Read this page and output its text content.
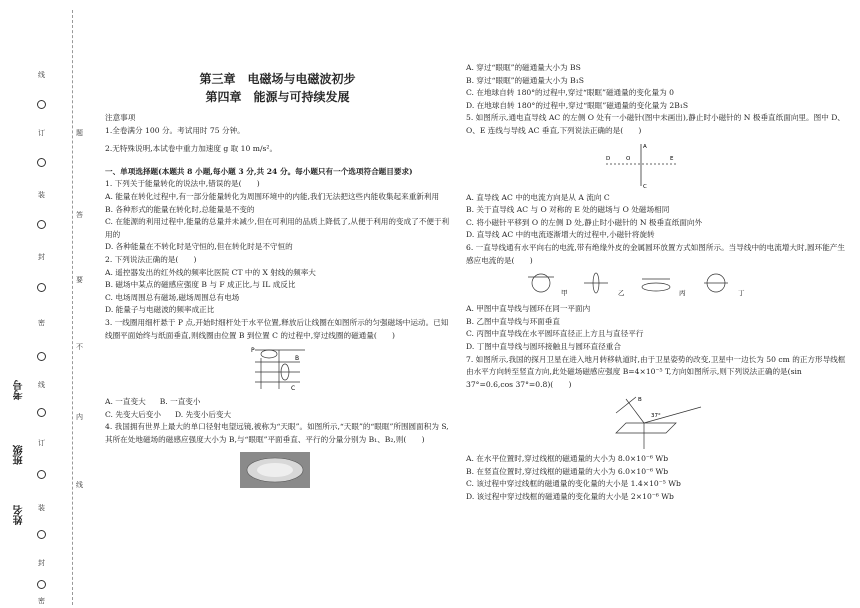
线
订
装
封
密
线
订
装
封
密
题
答
要
不
内
线
考号
班级
姓名
第三章　电磁场与电磁波初步
第四章　能源与可持续发展
注意事项
1.全卷满分 100 分。考试用时 75 分钟。
2.无特殊说明,本试卷中重力加速度 g 取 10 m/s²。
一、单项选择题(本题共 8 小题,每小题 3 分,共 24 分。每小题只有一个选项符合题目要求)
1. 下列关于能量转化的说法中,错误的是(　　)
A. 能量在转化过程中,有一部分能量转化为周围环境中的内能,我们无法把这些内能收集起来重新利用
B. 各种形式的能量在转化时,总能量是不变的
C. 在能源的利用过程中,能量的总量并未减少,但在可利用的品质上降低了,从便于利用的变成了不便于利用的
D. 各种能量在不转化时是守恒的,但在转化时是不守恒的
2. 下列说法正确的是(　　)
A. 遥控器发出的红外线的频率比医院 CT 中的 X 射线的频率大
B. 磁场中某点的磁感应强度 B 与 F 成正比,与 IL 成反比
C. 电场周围总有磁场,磁场周围总有电场
D. 能量子与电磁波的频率成正比
3. 一线圈用细杆悬于 P 点,开始时细杆处于水平位置,释放后让线圈在如图所示的匀强磁场中运动。已知线圈平面始终与纸面垂直,则线圈由位置 B 到位置 C 的过程中,穿过线圈的磁通量(　　)
P
B
C
A. 一直变大 B. 一直变小
C. 先变大后变小 D. 先变小后变大
4. 我国拥有世界上最大的单口径射电望远镜,被称为“天眼”。如图所示,“天眼”的“眼眶”所围圆面积为 S,其所在处地磁场的磁感应强度大小为 B,与“眼眶”平面垂直、平行的分量分别为 B₁、B₂,则(　　)
A. 穿过“眼眶”的磁通量大小为 BS
B. 穿过“眼眶”的磁通量大小为 B₁S
C. 在地球自转 180°的过程中,穿过“眼眶”磁通量的变化量为 0
D. 在地球自转 180°的过程中,穿过“眼眶”磁通量的变化量为 2B₁S
5. 如图所示,通电直导线 AC 的左侧 O 处有一小磁针(图中未画出),静止时小磁针的 N 极垂直纸面向里。图中 D、O、E 连线与导线 AC 垂直,下列说法正确的是(　　)
A
C
D	O	E
A. 直导线 AC 中的电流方向是从 A 流向 C
B. 关于直导线 AC 与 O 对称的 E 处的磁场与 O 处磁场相同
C. 将小磁针平移到 O 的左侧 D 处,静止时小磁针的 N 极垂直纸面向外
D. 直导线 AC 中的电流逐渐增大的过程中,小磁针将旋转
6. 一直导线通有水平向右的电流,带有绝缘外皮的金属圆环放置方式如图所示。当导线中的电流增大时,圆环能产生感应电流的是(　　)
甲	乙	丙	丁
A. 甲图中直导线与圆环在同一平面内
B. 乙图中直导线与环面垂直
C. 丙图中直导线在水平圆环直径正上方且与直径平行
D. 丁图中直导线与圆环接触且与圆环直径重合
7. 如图所示,我国的探月卫星在进入地月转移轨道时,由于卫星姿势的改变,卫星中一边长为 50 cm 的正方形导线框由水平方向转至竖直方向,此处磁场磁感应强度 B=4×10⁻⁵ T,方向如图所示,则下列说法正确的是(sin 37°=0.6,cos 37°=0.8)(　　)
B
37°
A. 在水平位置时,穿过线框的磁通量的大小为 8.0×10⁻⁶ Wb
B. 在竖直位置时,穿过线框的磁通量的大小为 6.0×10⁻⁶ Wb
C. 该过程中穿过线框的磁通量的变化量的大小是 1.4×10⁻⁵ Wb
D. 该过程中穿过线框的磁通量的变化量的大小是 2×10⁻⁶ Wb
